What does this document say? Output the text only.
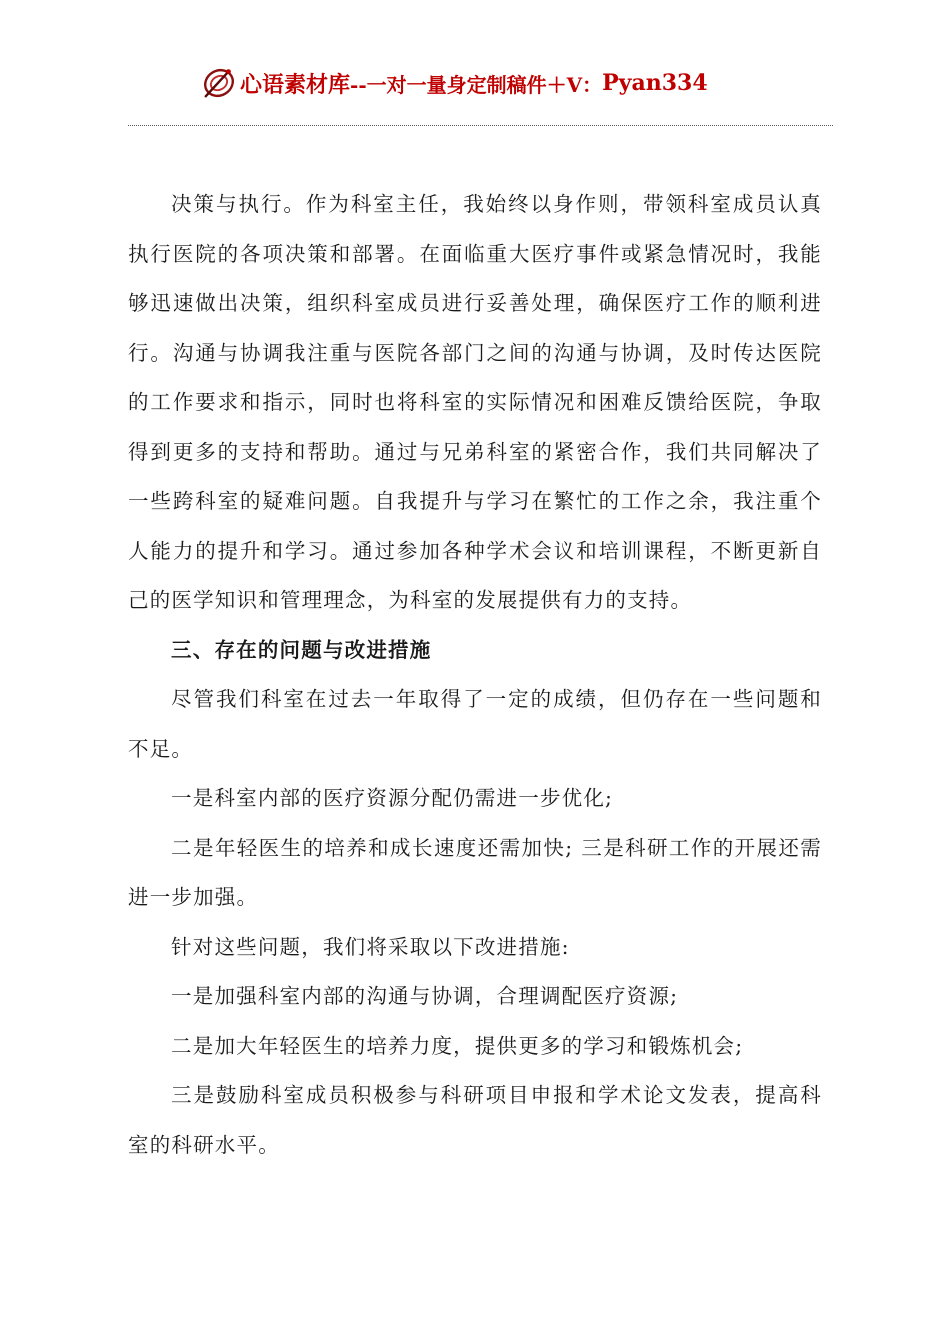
心语素材库 --一对一量身定制稿件＋V： Pyan334

决策与执行。作为科室主任，我始终以身作则，带领科室成员认真执行医院的各项决策和部署。在面临重大医疗事件或紧急情况时，我能够迅速做出决策，组织科室成员进行妥善处理，确保医疗工作的顺利进行。沟通与协调我注重与医院各部门之间的沟通与协调，及时传达医院的工作要求和指示，同时也将科室的实际情况和困难反馈给医院，争取得到更多的支持和帮助。通过与兄弟科室的紧密合作，我们共同解决了一些跨科室的疑难问题。自我提升与学习在繁忙的工作之余，我注重个人能力的提升和学习。通过参加各种学术会议和培训课程，不断更新自己的医学知识和管理理念，为科室的发展提供有力的支持。

三、存在的问题与改进措施

尽管我们科室在过去一年取得了一定的成绩，但仍存在一些问题和不足。

一是科室内部的医疗资源分配仍需进一步优化;

二是年轻医生的培养和成长速度还需加快; 三是科研工作的开展还需进一步加强。

针对这些问题，我们将采取以下改进措施:

一是加强科室内部的沟通与协调，合理调配医疗资源;

二是加大年轻医生的培养力度，提供更多的学习和锻炼机会;

三是鼓励科室成员积极参与科研项目申报和学术论文发表，提高科室的科研水平。
